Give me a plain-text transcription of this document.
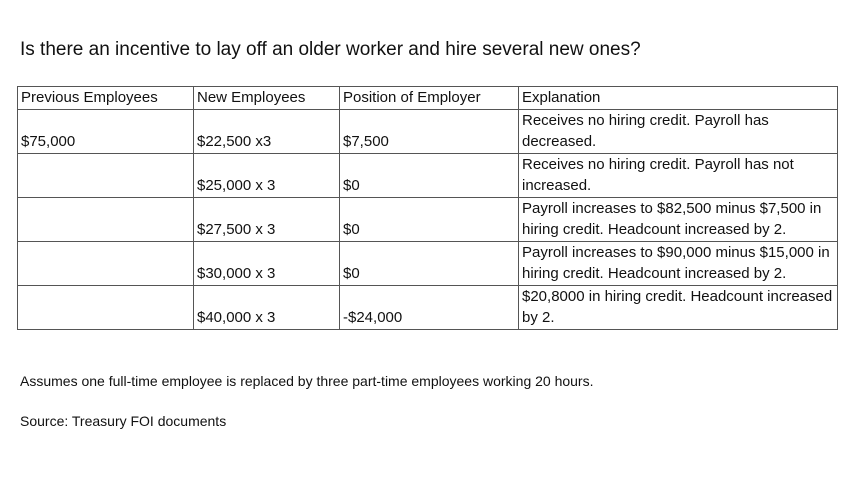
Is there an incentive to lay off an older worker and hire several new ones?
Previous Employees	New Employees	Position of Employer	Explanation
$75,000	$22,500 x3	$7,500	Receives no hiring credit. Payroll has decreased.
	$25,000 x 3	$0	Receives no hiring credit. Payroll has not increased.
	$27,500 x 3	$0	Payroll increases to $82,500 minus $7,500 in hiring credit. Headcount increased by 2.
	$30,000 x 3	$0	Payroll increases to $90,000 minus $15,000 in hiring credit. Headcount increased by 2.
	$40,000 x 3	-$24,000	$20,8000 in hiring credit. Headcount increased by 2.
Assumes one full-time employee is replaced by three part-time employees working 20 hours.
Source: Treasury FOI documents
